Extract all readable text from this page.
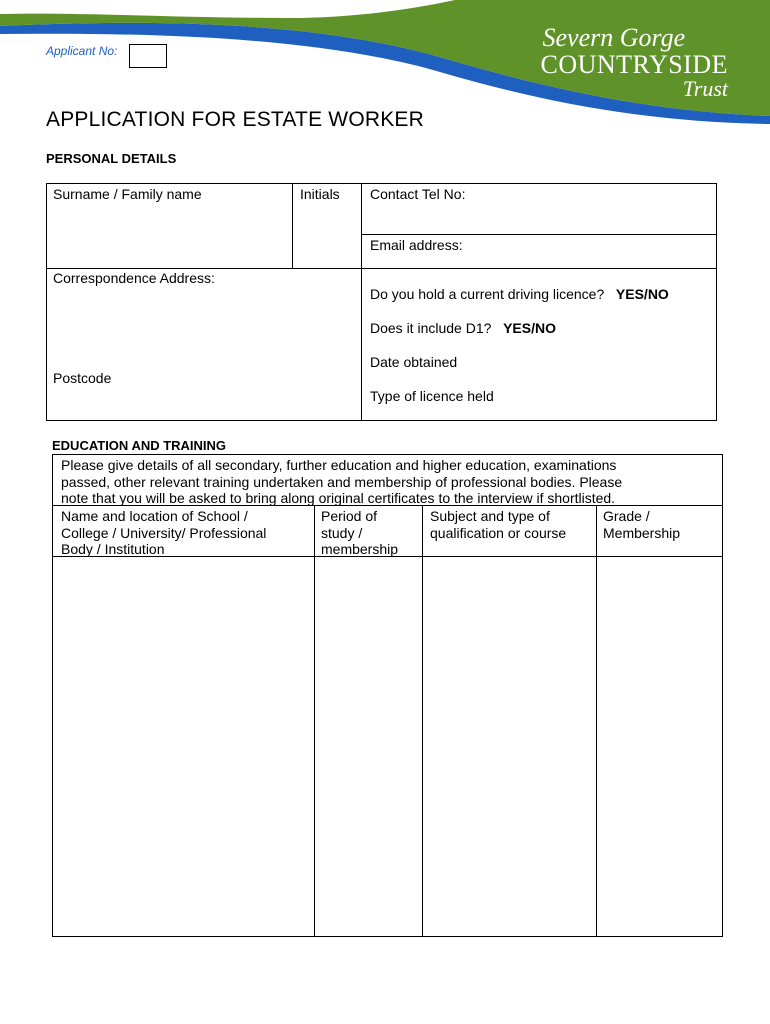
Severn Gorge
COUNTRYSIDE
Trust
Applicant No:
APPLICATION FOR ESTATE WORKER
PERSONAL DETAILS
Surname / Family name	Initials Contact Tel No:
Email address:
Correspondence Address:
Postcode
Do you hold a current driving licence? YES/NO
Does it include D1? YES/NO
Date obtained
Type of licence held
EDUCATION AND TRAINING
Please give details of all secondary, further education and higher education, examinations
passed, other relevant training undertaken and membership of professional bodies. Please
note that you will be asked to bring along original certificates to the interview if shortlisted.
Name and location of School /
College / University/ Professional
Body / Institution
Period of
study /
membership
Subject and type of
qualification or course
Grade /
Membership
